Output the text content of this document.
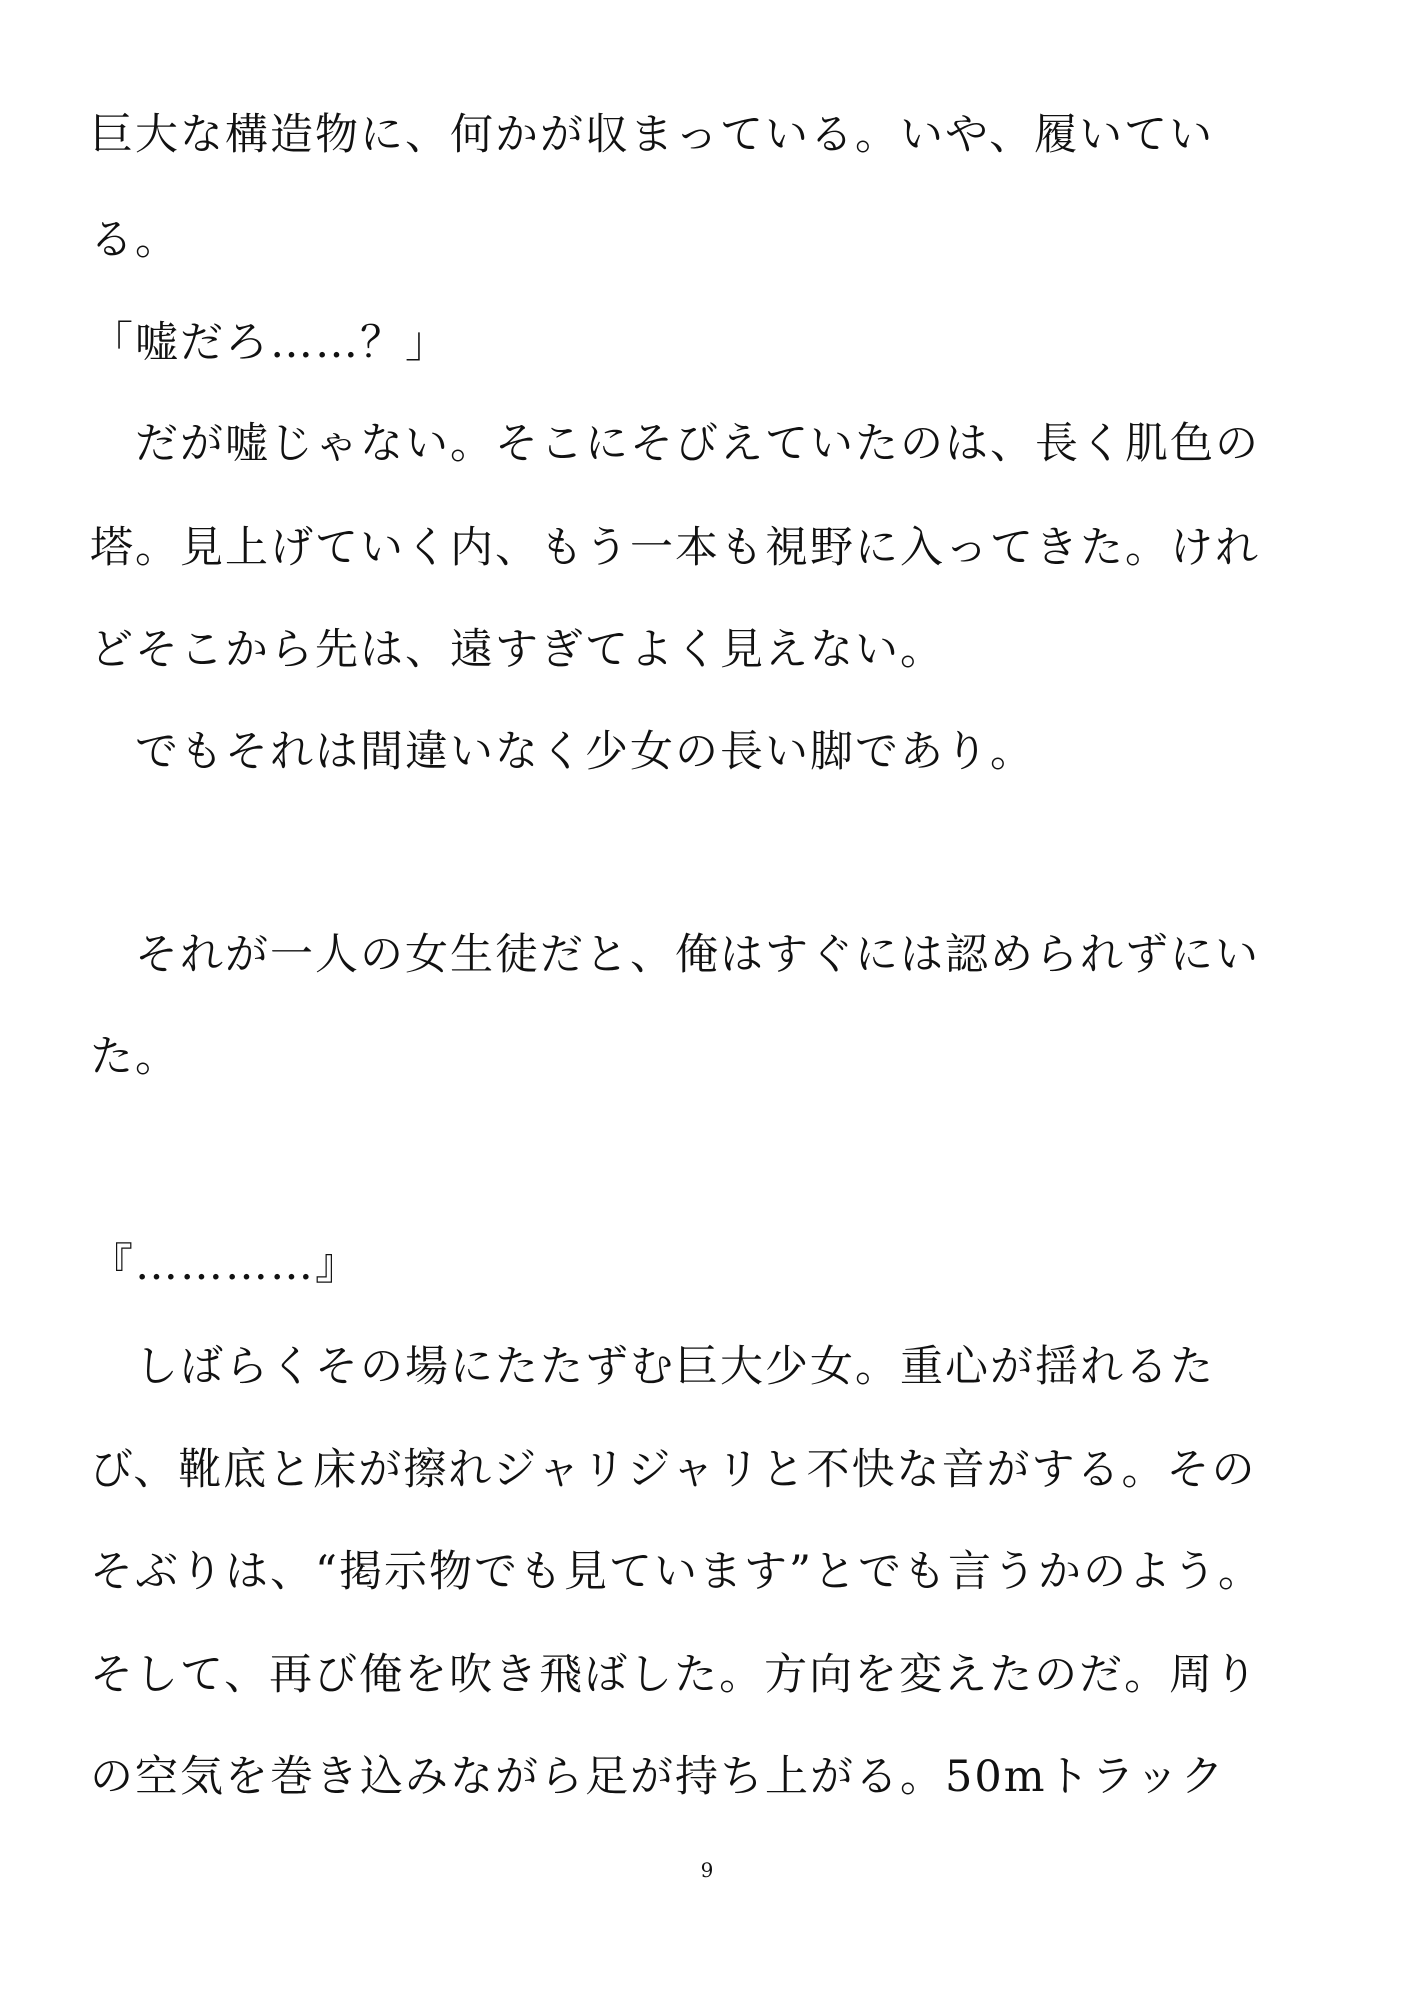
巨大な構造物に、何かが収まっている。いや、履いてい
る。
「嘘だろ……？」
　だが嘘じゃない。そこにそびえていたのは、長く肌色の
塔。見上げていく内、もう一本も視野に入ってきた。けれ
どそこから先は、遠すぎてよく見えない。
　でもそれは間違いなく少女の長い脚であり。
　それが一人の女生徒だと、俺はすぐには認められずにい
た。
『…………』
　しばらくその場にたたずむ巨大少女。重心が揺れるた
び、靴底と床が擦れジャリジャリと不快な音がする。その
そぶりは、“掲示物でも見ています”とでも言うかのよう。
そして、再び俺を吹き飛ばした。方向を変えたのだ。周り
の空気を巻き込みながら足が持ち上がる。50mトラック
9
